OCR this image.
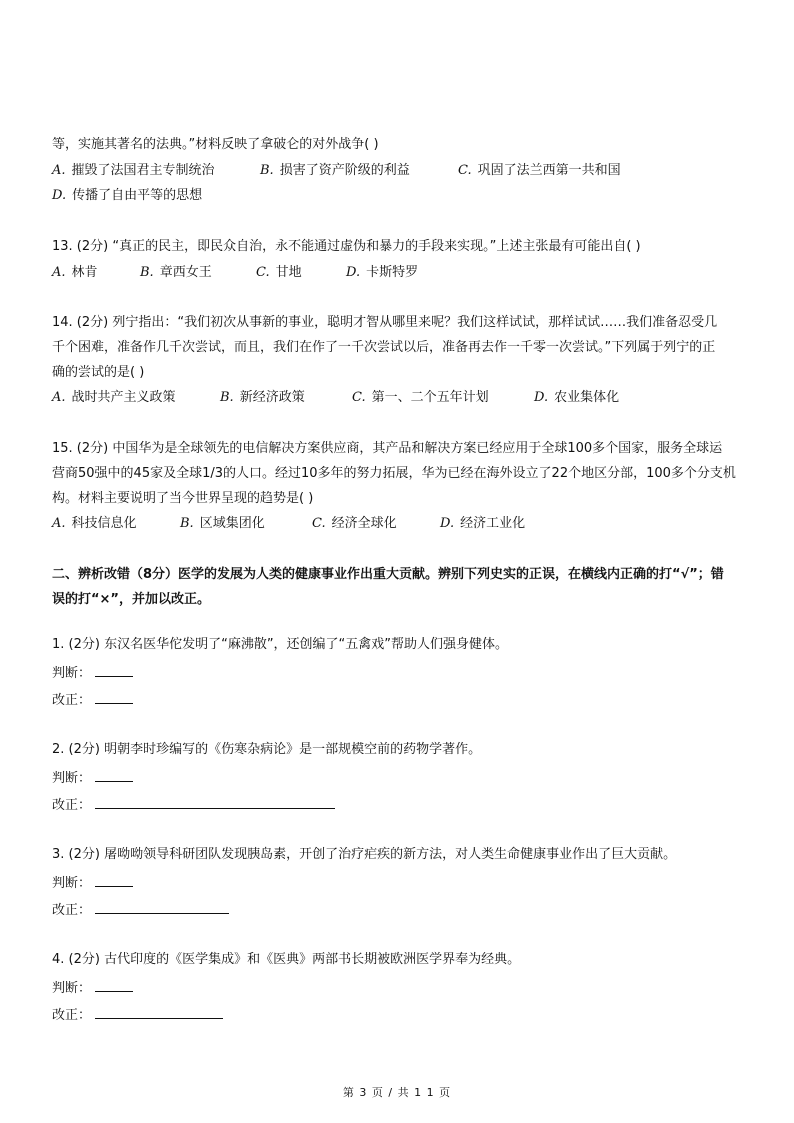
等，实施其著名的法典。”材料反映了拿破仑的对外战争( )
A. 摧毁了法国君主专制统治	B. 损害了资产阶级的利益	C. 巩固了法兰西第一共和国
D. 传播了自由平等的思想
13. (2分) “真正的民主，即民众自治，永不能通过虚伪和暴力的手段来实现。”上述主张最有可能出自( )
A. 林肯	B. 章西女王	C. 甘地	D. 卡斯特罗
14. (2分) 列宁指出：“我们初次从事新的事业，聪明才智从哪里来呢？我们这样试试，那样试试……我们准备忍受几
千个困难，准备作几千次尝试，而且，我们在作了一千次尝试以后，准备再去作一千零一次尝试。”下列属于列宁的正
确的尝试的是( )
A. 战时共产主义政策	B. 新经济政策	C. 第一、二个五年计划	D. 农业集体化
15. (2分) 中国华为是全球领先的电信解决方案供应商，其产品和解决方案已经应用于全球100多个国家，服务全球运
营商50强中的45家及全球1/3的人口。经过10多年的努力拓展，华为已经在海外设立了22个地区分部，100多个分支机
构。材料主要说明了当今世界呈现的趋势是( )
A. 科技信息化	B. 区域集团化	C. 经济全球化	D. 经济工业化
二、辨析改错（8分）医学的发展为人类的健康事业作出重大贡献。辨别下列史实的正误，在横线内正确的打“√”；错
误的打“×”，并加以改正。
1. (2分) 东汉名医华佗发明了“麻沸散”，还创编了“五禽戏”帮助人们强身健体。
判断：
改正：
2. (2分) 明朝李时珍编写的《伤寒杂病论》是一部规模空前的药物学著作。
判断：
改正：
3. (2分) 屠呦呦领导科研团队发现胰岛素，开创了治疗疟疾的新方法，对人类生命健康事业作出了巨大贡献。
判断：
改正：
4. (2分) 古代印度的《医学集成》和《医典》两部书长期被欧洲医学界奉为经典。
判断：
改正：
第 3 页 / 共 1 1 页
